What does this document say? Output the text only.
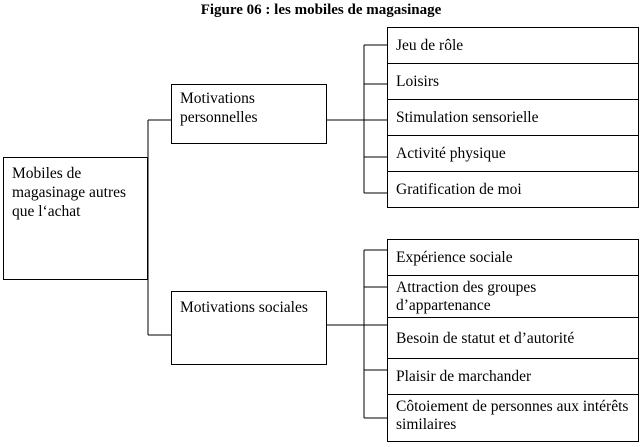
Figure 06 : les mobiles de magasinage
Mobiles de magasinage autres que l‘achat
Motivations personnelles
Motivations sociales
Jeu de rôle
Loisirs
Stimulation sensorielle
Activité physique
Gratification de moi
Expérience sociale
Attraction des groupes d’appartenance
Besoin de statut et d’autorité
Plaisir de marchander
Côtoiement de personnes aux intérêts similaires
